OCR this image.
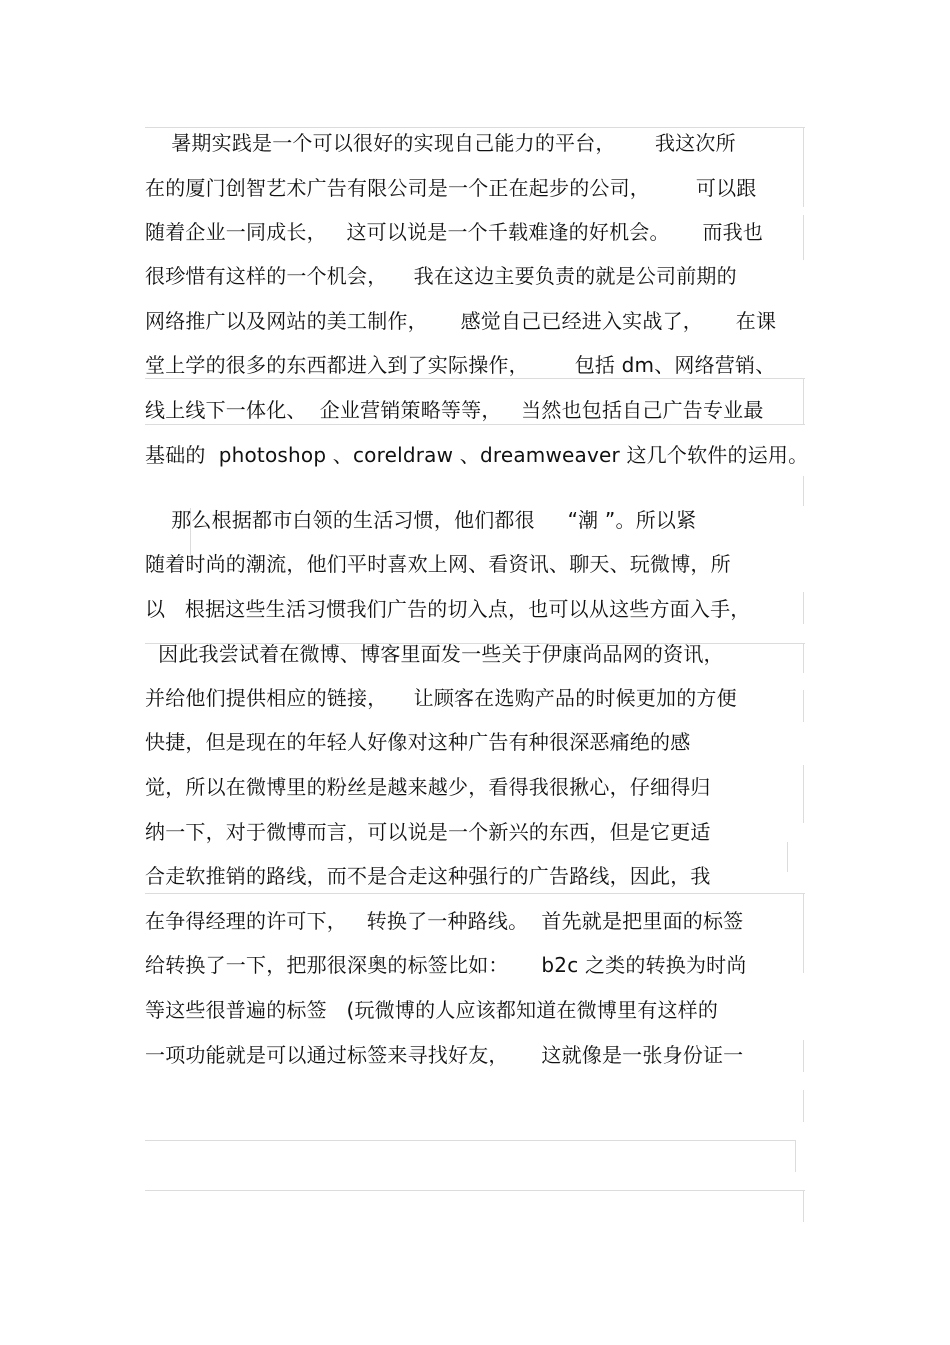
暑期实践是一个可以很好的实现自己能力的平台，      我这次所
在的厦门创智艺术广告有限公司是一个正在起步的公司，       可以跟
随着企业一同成长，   这可以说是一个千载难逢的好机会。     而我也
很珍惜有这样的一个机会，    我在这边主要负责的就是公司前期的
网络推广以及网站的美工制作，     感觉自己已经进入实战了，     在课
堂上学的很多的东西都进入到了实际操作，       包括 dm、网络营销、
线上线下一体化、  企业营销策略等等，   当然也包括自己广告专业最
基础的  photoshop 、coreldraw 、dreamweaver 这几个软件的运用。
那么根据都市白领的生活习惯，他们都很     “潮 ”。所以紧
随着时尚的潮流，他们平时喜欢上网、看资讯、聊天、玩微博，所
以   根据这些生活习惯我们广告的切入点，也可以从这些方面入手，
因此我尝试着在微博、博客里面发一些关于伊康尚品网的资讯，
并给他们提供相应的链接，    让顾客在选购产品的时候更加的方便
快捷，但是现在的年轻人好像对这种广告有种很深恶痛绝的感
觉，所以在微博里的粉丝是越来越少，看得我很揪心，仔细得归
纳一下，对于微博而言，可以说是一个新兴的东西，但是它更适
合走软推销的路线，而不是合走这种强行的广告路线，因此，我
在争得经理的许可下，   转换了一种路线。  首先就是把里面的标签
给转换了一下，把那很深奥的标签比如：     b2c 之类的转换为时尚
等这些很普遍的标签   (玩微博的人应该都知道在微博里有这样的
一项功能就是可以通过标签来寻找好友，     这就像是一张身份证一
